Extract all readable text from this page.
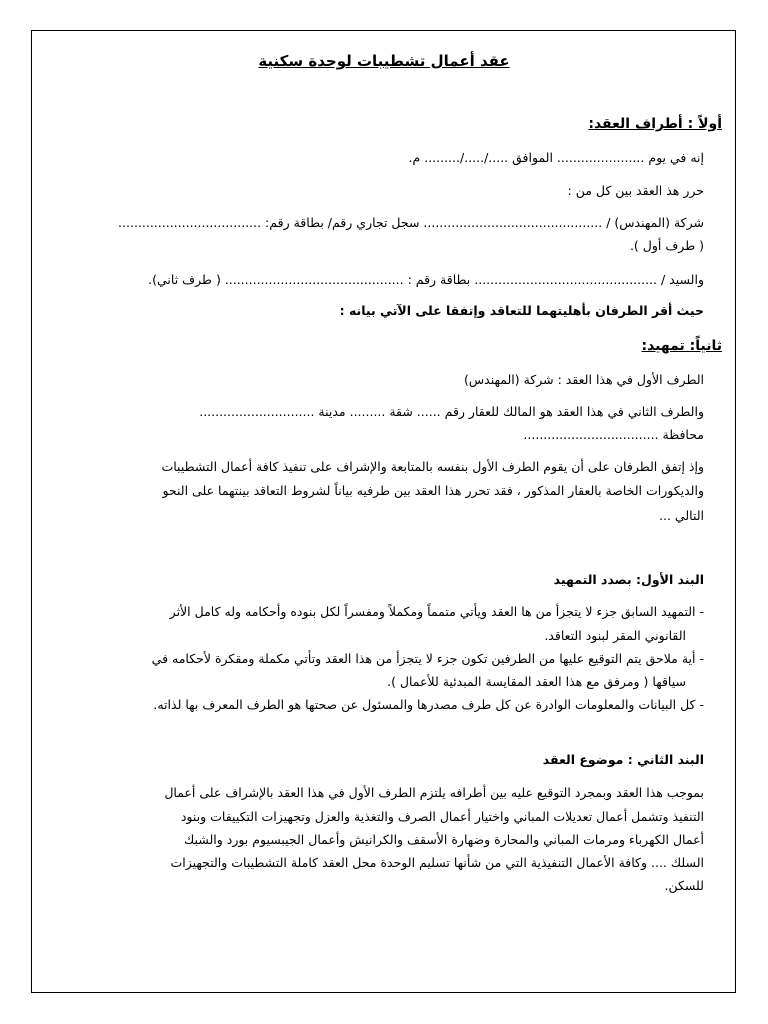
عقد أعمال تشطيبات لوحدة سكنية
أولاً : أطراف العقد:
إنه في يوم ...................... الموافق ...../...../......... م.
حرر هذ العقد بين كل من :
شركة (المهندس) / ............................................. سجل تجاري رقم/ بطاقة رقم: ....................................
( طرف أول ).
والسيد / .............................................. بطاقة رقم : ............................................. ( طرف ثاني).
حيث أقر الطرفان بأهليتهما للتعاقد وإتفقا على الآتي بيانه :
ثانياً: تمهيد:
الطرف الأول في هذا العقد : شركة (المهندس)
والطرف الثاني في هذا العقد هو المالك للعقار رقم ...... شقة ......... مدينة .............................
محافظة ..................................
وإذ إتفق الطرفان على أن يقوم الطرف الأول بنفسه بالمتابعة والإشراف على تنفيذ كافة أعمال التشطيبات
والديكورات الخاصة بالعقار المذكور ، فقد تحرر هذا العقد بين طرفيه بياناً لشروط التعاقد بينتهما على النحو
التالي ...
البند الأول: بصدد التمهيد
- التمهيد السابق جزء لا يتجزأ من ها العقد ويأتي متمماً ومكملاً ومفسراً لكل بنوده وأحكامه وله كامل الأثر
القانوني المقر لبنود التعاقد.
- أية ملاحق يتم التوقيع عليها من الطرفين تكون جزء لا يتجزأ من هذا العقد وتأتي مكملة ومقكرة لأحكامه في
سياقها ( ومرفق مع هذا العقد المقايسة المبدئية للأعمال ).
- كل البيانات والمعلومات الوادرة عن كل طرف مصدرها والمسئول عن صحتها هو الطرف المعرف بها لذاته.
البند الثاني : موضوع العقد
بموجب هذا العقد وبمجرد التوقيع عليه بين أطرافه يلتزم الطرف الأول في هذا العقد بالإشراف على أعمال
التنفيذ وتشمل أعمال تعديلات المباني واختيار أعمال الصرف والتغذية والعزل وتجهيزات التكييفات وبنود
أعمال الكهرباء ومرمات المباني والمحارة وضهارة الأسقف والكرانيش وأعمال الجيبسيوم بورد والشبك
السلك .... وكافة الأعمال التنفيذية التي من شأنها تسليم الوحدة محل العقد كاملة التشطيبات والتجهيزات
للسكن.
